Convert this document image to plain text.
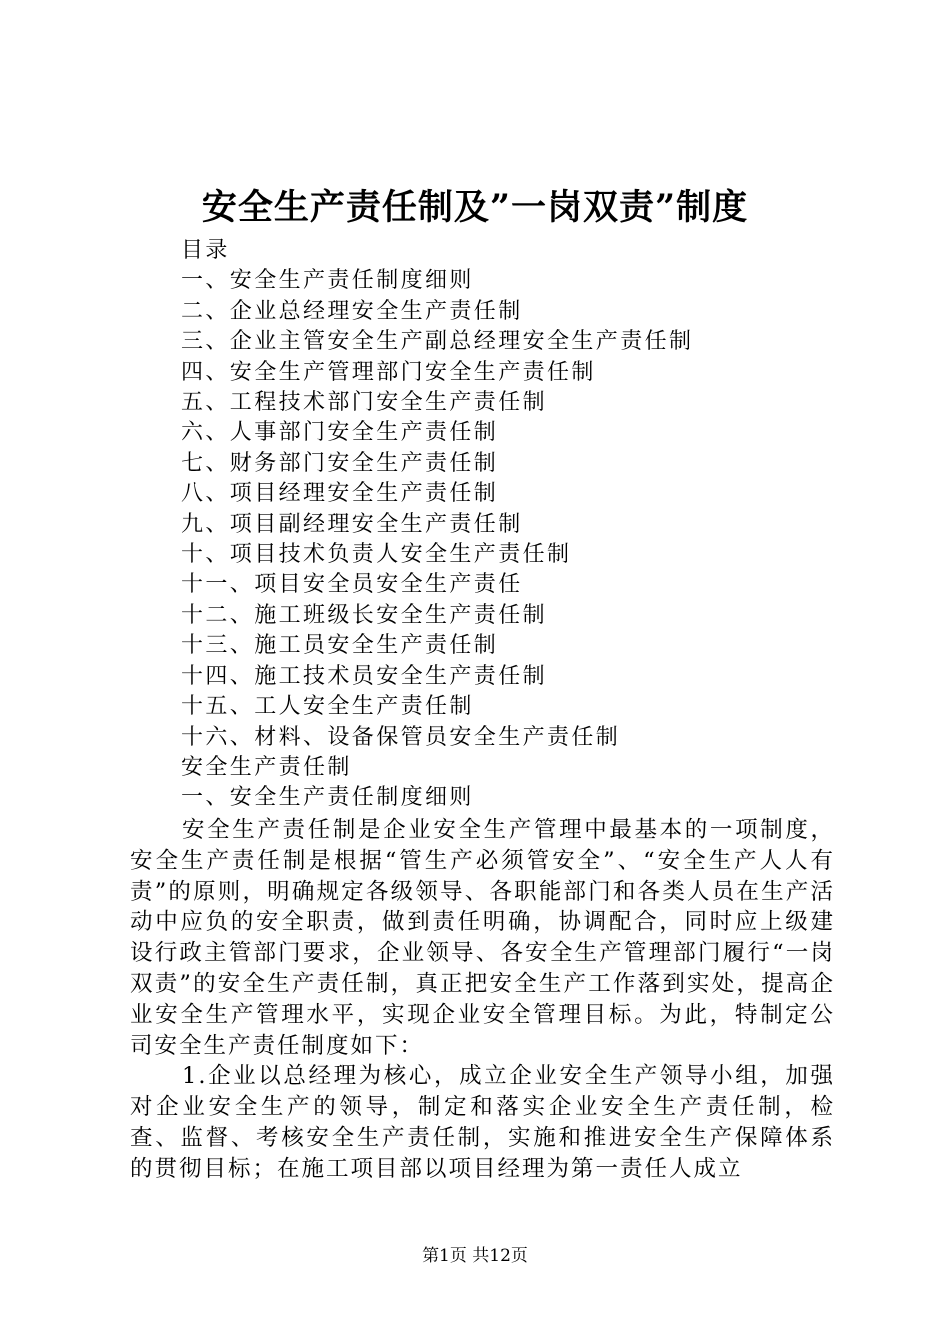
安全生产责任制及”一岗双责”制度
目录
一、安全生产责任制度细则
二、企业总经理安全生产责任制
三、企业主管安全生产副总经理安全生产责任制
四、安全生产管理部门安全生产责任制
五、工程技术部门安全生产责任制
六、人事部门安全生产责任制
七、财务部门安全生产责任制
八、项目经理安全生产责任制
九、项目副经理安全生产责任制
十、项目技术负责人安全生产责任制
十一、项目安全员安全生产责任
十二、施工班级长安全生产责任制
十三、施工员安全生产责任制
十四、施工技术员安全生产责任制
十五、工人安全生产责任制
十六、材料、设备保管员安全生产责任制
安全生产责任制
一、安全生产责任制度细则

安全生产责任制是企业安全生产管理中最基本的一项制度，安全生产责任制是根据“管生产必须管安全”、“安全生产人人有责”的原则，明确规定各级领导、各职能部门和各类人员在生产活动中应负的安全职责，做到责任明确，协调配合，同时应上级建设行政主管部门要求，企业领导、各安全生产管理部门履行“一岗双责”的安全生产责任制，真正把安全生产工作落到实处，提高企业安全生产管理水平，实现企业安全管理目标。为此，特制定公司安全生产责任制度如下：

1.企业以总经理为核心，成立企业安全生产领导小组，加强对企业安全生产的领导，制定和落实企业安全生产责任制，检查、监督、考核安全生产责任制，实施和推进安全生产保障体系的贯彻目标；在施工项目部以项目经理为第一责任人成立

第1页 共12页
